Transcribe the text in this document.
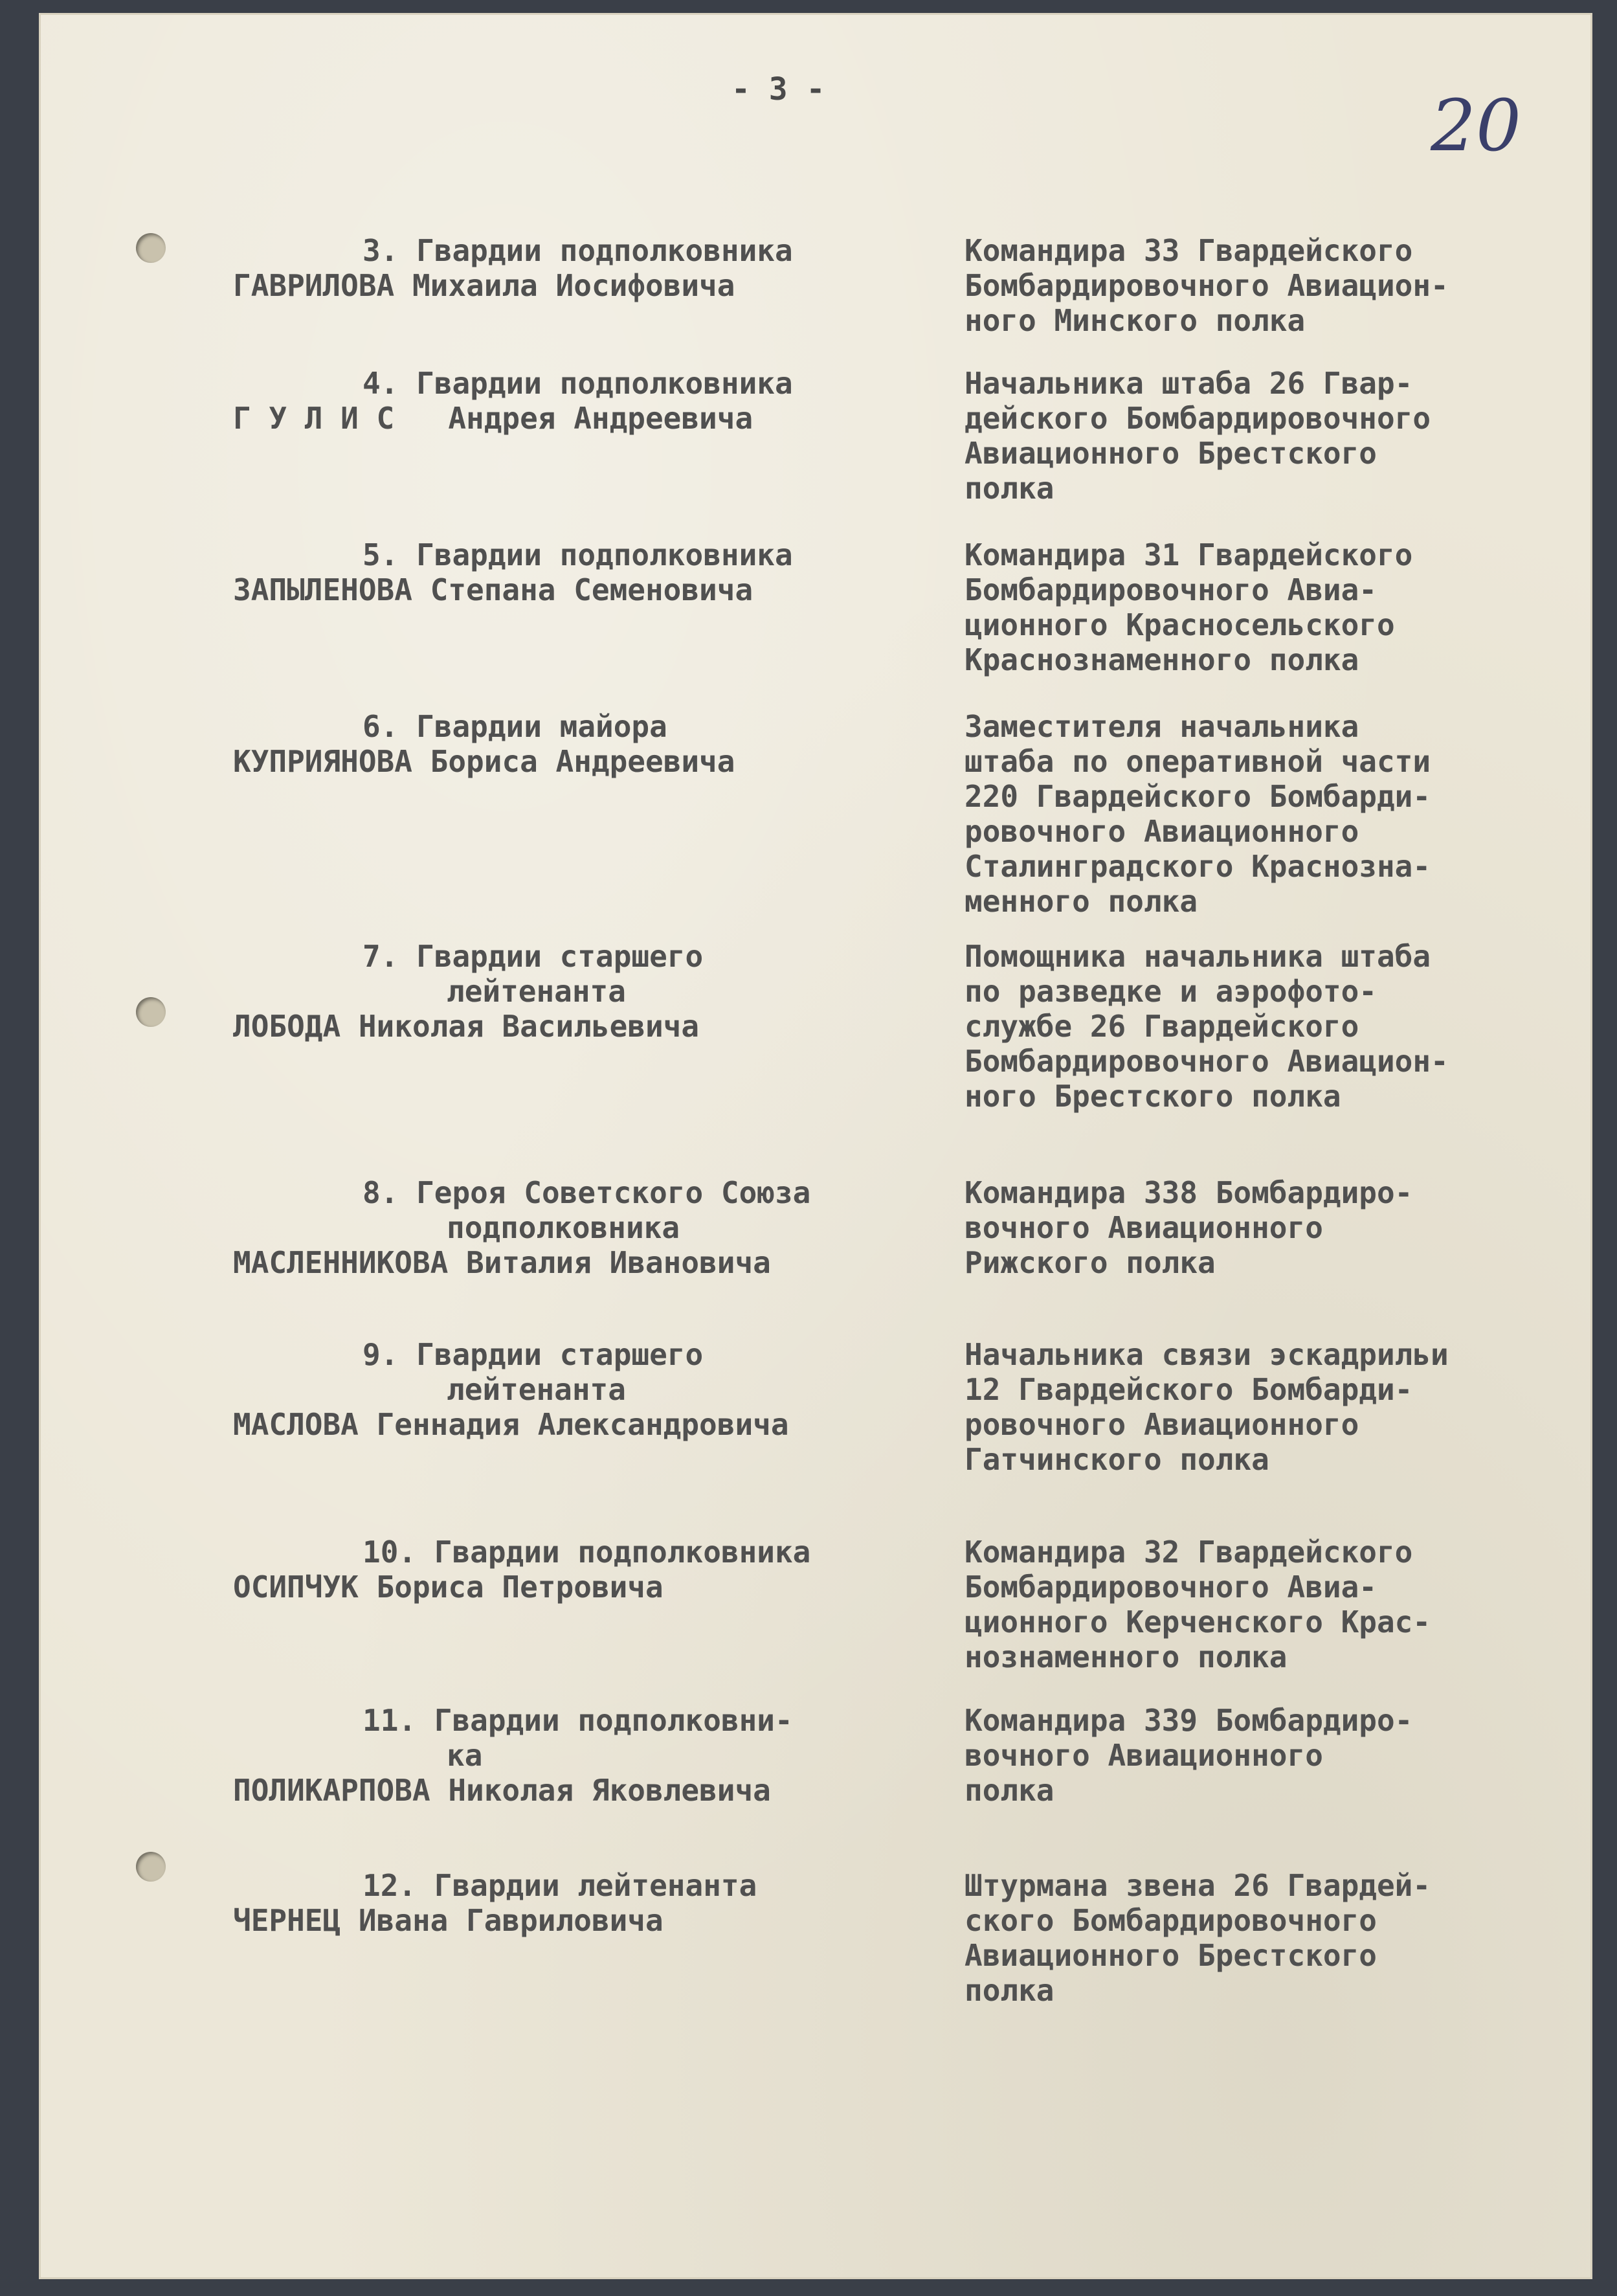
- 3 -	20
3. Гвардии подполковника
ГАВРИЛОВА Михаила Иосифовича
Командира 33 Гвардейского
Бомбардировочного Авиацион-
ного Минского полка
4. Гвардии подполковника
Г У Л И С   Андрея Андреевича
Начальника штаба 26 Гвар-
дейского Бомбардировочного
Авиационного Брестского
полка
5. Гвардии подполковника
ЗАПЫЛЕНОВА Степана Семеновича
Командира 31 Гвардейского
Бомбардировочного Авиа-
ционного Красносельского
Краснознаменного полка
6. Гвардии майора
КУПРИЯНОВА Бориса Андреевича
Заместителя начальника
штаба по оперативной части
220 Гвардейского Бомбарди-
ровочного Авиационного
Сталинградского Краснозна-
менного полка
7. Гвардии старшего
лейтенанта
ЛОБОДА Николая Васильевича
Помощника начальника штаба
по разведке и аэрофото-
службе 26 Гвардейского
Бомбардировочного Авиацион-
ного Брестского полка
8. Героя Советского Союза
подполковника
МАСЛЕННИКОВА Виталия Ивановича
Командира 338 Бомбардиро-
вочного Авиационного
Рижского полка
9. Гвардии старшего
лейтенанта
МАСЛОВА Геннадия Александровича
Начальника связи эскадрильи
12 Гвардейского Бомбарди-
ровочного Авиационного
Гатчинского полка
10. Гвардии подполковника
ОСИПЧУК Бориса Петровича
Командира 32 Гвардейского
Бомбардировочного Авиа-
ционного Керченского Крас-
нознаменного полка
11. Гвардии подполковни-
ка
ПОЛИКАРПОВА Николая Яковлевича
Командира 339 Бомбардиро-
вочного Авиационного
полка
12. Гвардии лейтенанта
ЧЕРНЕЦ Ивана Гавриловича
Штурмана звена 26 Гвардей-
ского Бомбардировочного
Авиационного Брестского
полка
